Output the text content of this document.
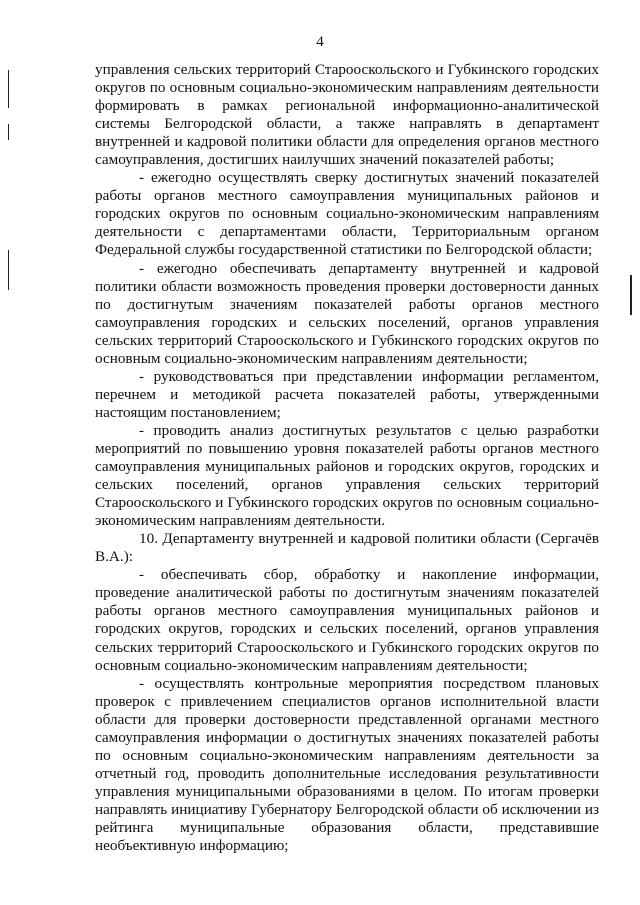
4

управления сельских территорий Старооскольского и Губкинского городских округов по основным социально-экономическим направлениям деятельности формировать в рамках региональной информационно-аналитической системы Белгородской области, а также направлять в департамент внутренней и кадровой политики области для определения органов местного самоуправления, достигших наилучших значений показателей работы;

- ежегодно осуществлять сверку достигнутых значений показателей работы органов местного самоуправления муниципальных районов и городских округов по основным социально-экономическим направлениям деятельности с департаментами области, Территориальным органом Федеральной службы государственной статистики по Белгородской области;

- ежегодно обеспечивать департаменту внутренней и кадровой политики области возможность проведения проверки достоверности данных по достигнутым значениям показателей работы органов местного самоуправления городских и сельских поселений, органов управления сельских территорий Старооскольского и Губкинского городских округов по основным социально-экономическим направлениям деятельности;

- руководствоваться при представлении информации регламентом, перечнем и методикой расчета показателей работы, утвержденными настоящим постановлением;

- проводить анализ достигнутых результатов с целью разработки мероприятий по повышению уровня показателей работы органов местного самоуправления муниципальных районов и городских округов, городских и сельских поселений, органов управления сельских территорий Старооскольского и Губкинского городских округов по основным социально-экономическим направлениям деятельности.

10. Департаменту внутренней и кадровой политики области (Сергачёв В.А.):

- обеспечивать сбор, обработку и накопление информации, проведение аналитической работы по достигнутым значениям показателей работы органов местного самоуправления муниципальных районов и городских округов, городских и сельских поселений, органов управления сельских территорий Старооскольского и Губкинского городских округов по основным социально-экономическим направлениям деятельности;

- осуществлять контрольные мероприятия посредством плановых проверок с привлечением специалистов органов исполнительной власти области для проверки достоверности представленной органами местного самоуправления информации о достигнутых значениях показателей работы по основным социально-экономическим направлениям деятельности за отчетный год, проводить дополнительные исследования результативности управления муниципальными образованиями в целом. По итогам проверки направлять инициативу Губернатору Белгородской области об исключении из рейтинга муниципальные образования области, представившие необъективную информацию;
